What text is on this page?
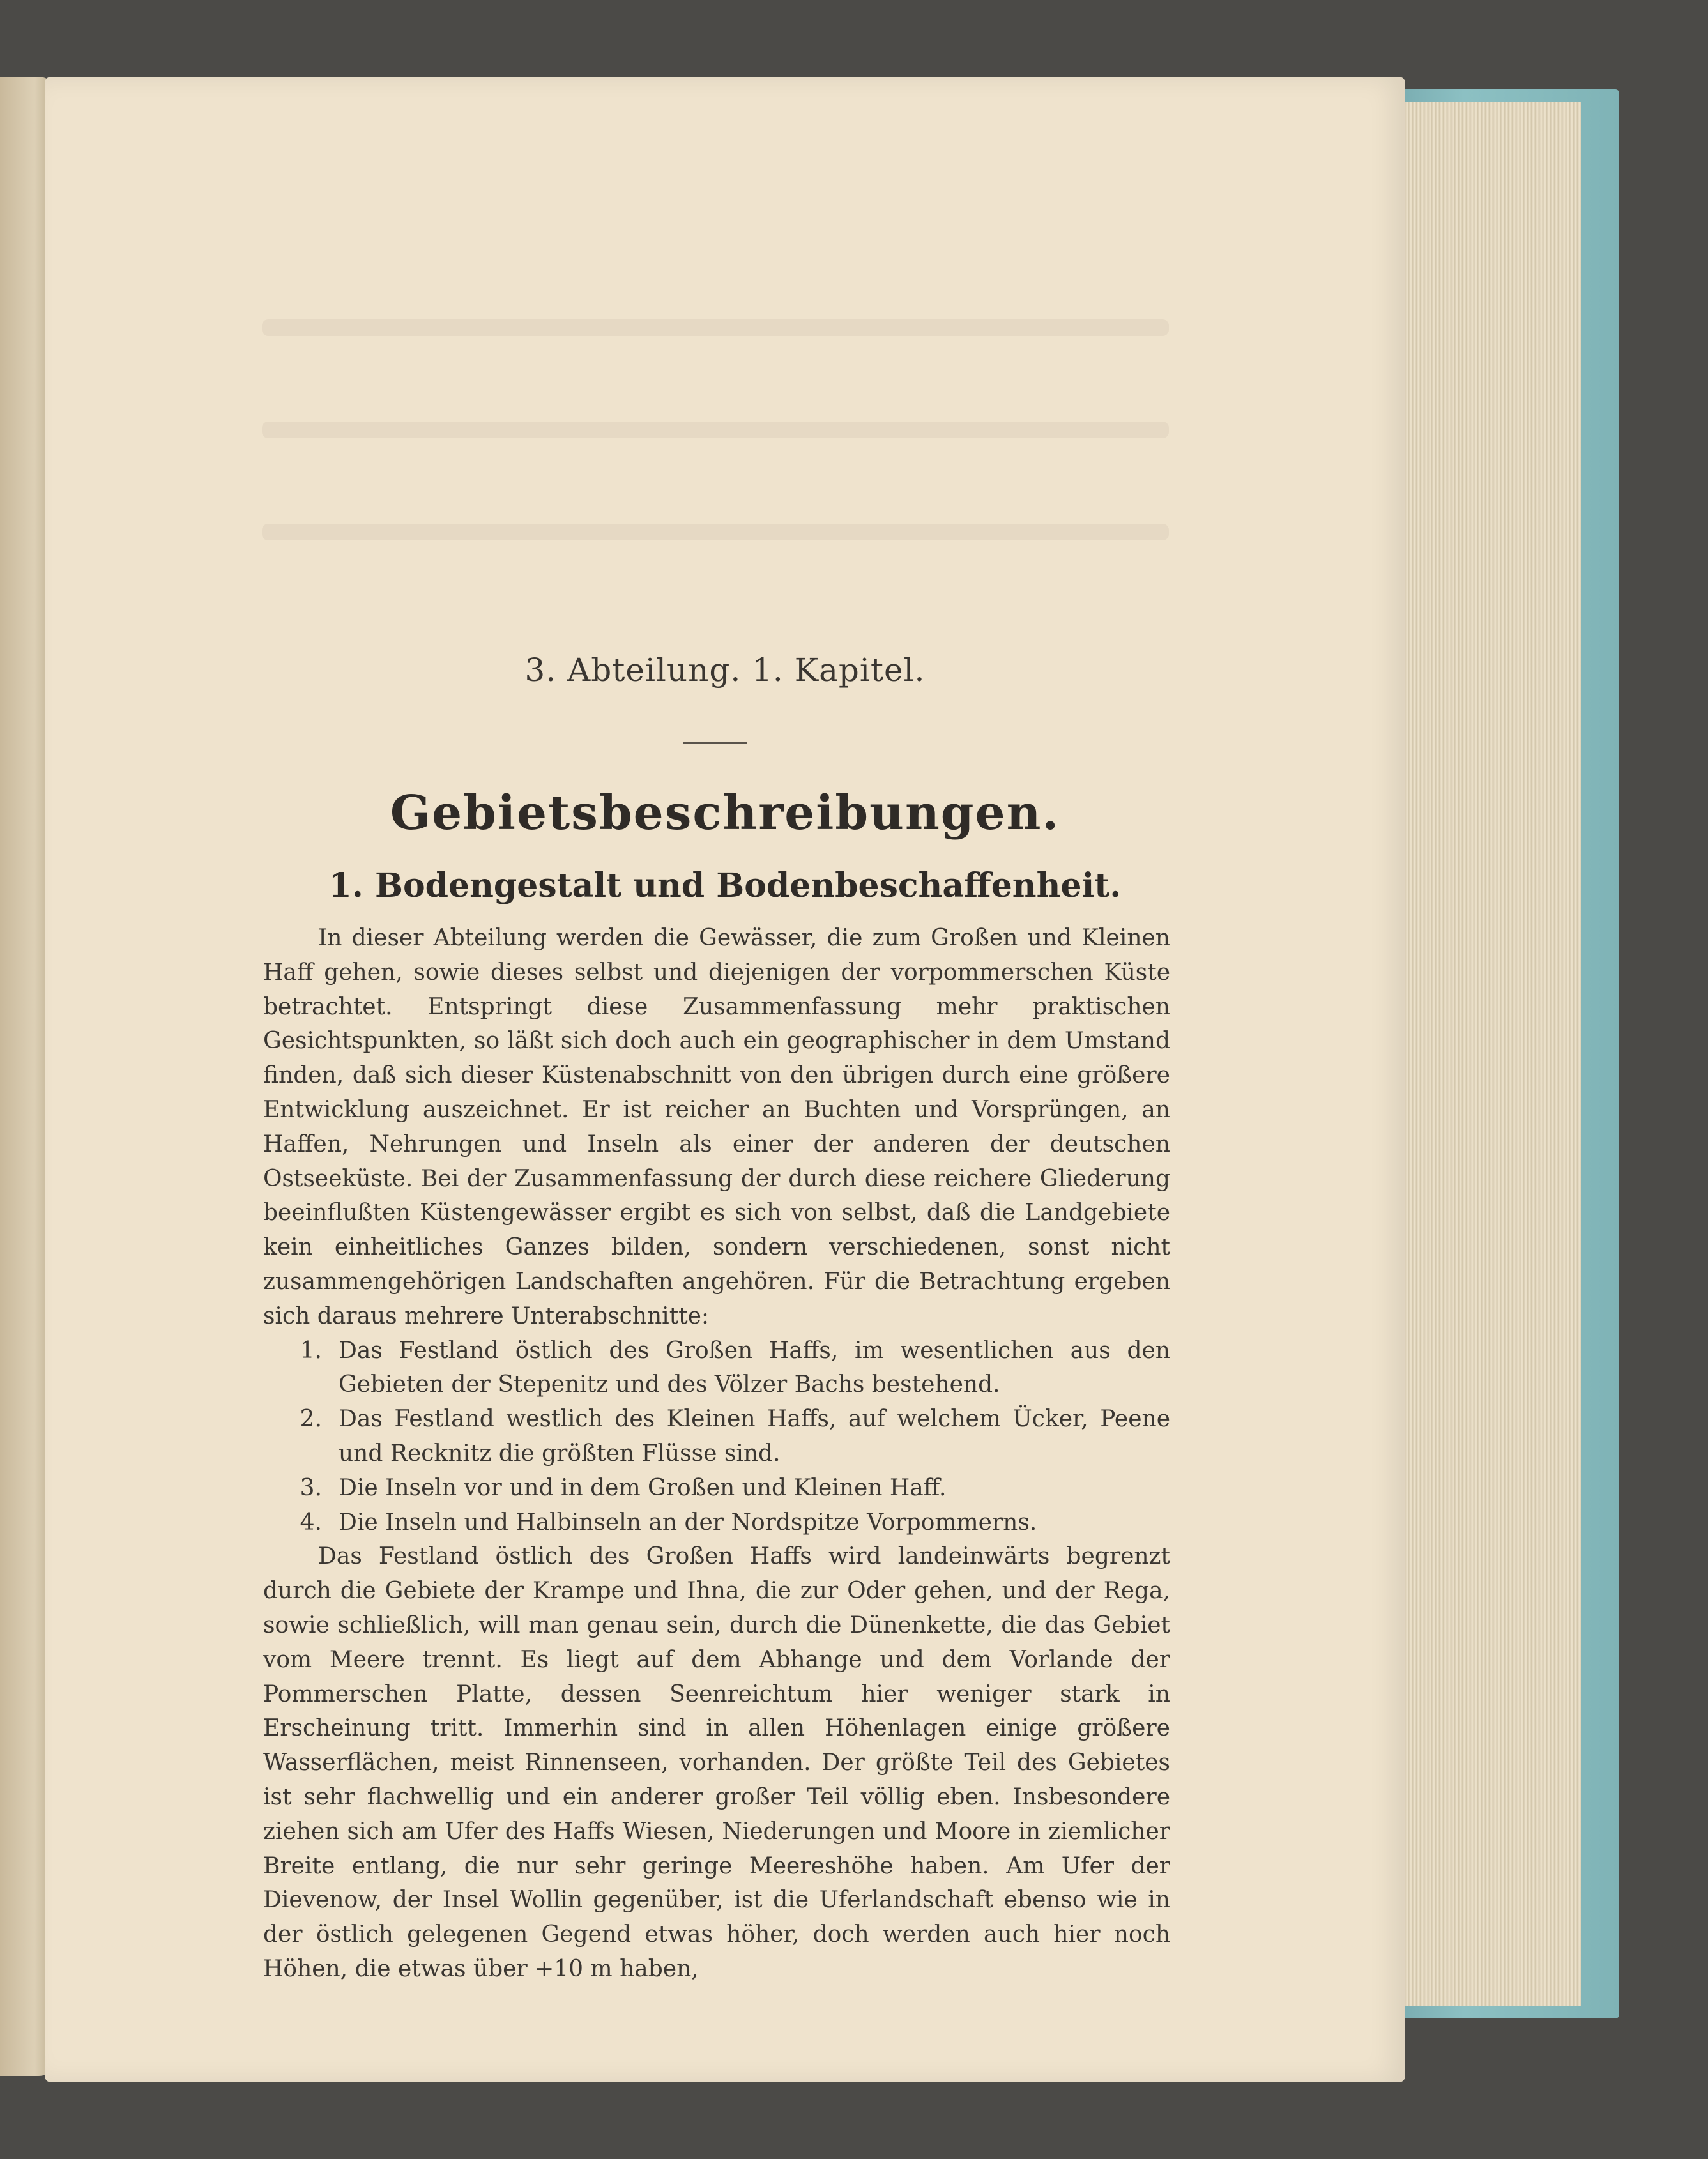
3. Abteilung. 1. Kapitel.
Gebietsbeschreibungen.
1. Bodengestalt und Bodenbeschaffenheit.

In dieser Abteilung werden die Gewässer, die zum Großen und Kleinen Haff gehen, sowie dieses selbst und diejenigen der vorpommerschen Küste betrachtet. Entspringt diese Zusammenfassung mehr praktischen Gesichtspunkten, so läßt sich doch auch ein geographischer in dem Umstand finden, daß sich dieser Küstenabschnitt von den übrigen durch eine größere Entwicklung auszeichnet. Er ist reicher an Buchten und Vorsprüngen, an Haffen, Nehrungen und Inseln als einer der anderen der deutschen Ostseeküste. Bei der Zusammenfassung der durch diese reichere Gliederung beeinflußten Küstengewässer ergibt es sich von selbst, daß die Landgebiete kein einheitliches Ganzes bilden, sondern verschiedenen, sonst nicht zusammengehörigen Landschaften angehören. Für die Betrachtung ergeben sich daraus mehrere Unterabschnitte:

1. Das Festland östlich des Großen Haffs, im wesentlichen aus den Gebieten der Stepenitz und des Völzer Bachs bestehend.
2. Das Festland westlich des Kleinen Haffs, auf welchem Ücker, Peene und Recknitz die größten Flüsse sind.
3. Die Inseln vor und in dem Großen und Kleinen Haff.
4. Die Inseln und Halbinseln an der Nordspitze Vorpommerns.

Das Festland östlich des Großen Haffs wird landeinwärts begrenzt durch die Gebiete der Krampe und Ihna, die zur Oder gehen, und der Rega, sowie schließlich, will man genau sein, durch die Dünenkette, die das Gebiet vom Meere trennt. Es liegt auf dem Abhange und dem Vorlande der Pommerschen Platte, dessen Seenreichtum hier weniger stark in Erscheinung tritt. Immerhin sind in allen Höhenlagen einige größere Wasserflächen, meist Rinnenseen, vorhanden. Der größte Teil des Gebietes ist sehr flachwellig und ein anderer großer Teil völlig eben. Insbesondere ziehen sich am Ufer des Haffs Wiesen, Niederungen und Moore in ziemlicher Breite entlang, die nur sehr geringe Meereshöhe haben. Am Ufer der Dievenow, der Insel Wollin gegenüber, ist die Uferlandschaft ebenso wie in der östlich gelegenen Gegend etwas höher, doch werden auch hier noch Höhen, die etwas über +10 m haben,
